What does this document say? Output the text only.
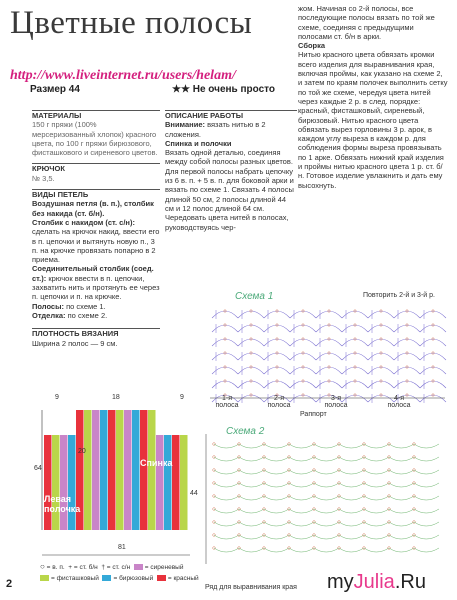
Цветные полосы
http://www.liveinternet.ru/users/helam/
Размер 44	★★ Не очень просто

МАТЕРИАЛЫ

150 г пряжи (100% мерсеризованный хлопок) красного цвета, по 100 г пряжи бирюзового, фисташкового и сиреневого цветов.

КРЮЧОК

№ 3,5.

ВИДЫ ПЕТЕЛЬ

Воздушная петля (в. п.), столбик без накида (ст. б/н).

Столбик с накидом (ст. с/н): сделать на крючок накид, ввести его в п. цепочки и вытянуть новую п., 3 п. на крючке провязать попарно в 2 приема.

Соединительный столбик (соед. ст.): крючок ввести в п. цепочки, захватить нить и протянуть ее через п. цепочки и п. на крючке.

Полосы: по схеме 1.

Отделка: по схеме 2.

ПЛОТНОСТЬ ВЯЗАНИЯ

Ширина 2 полос — 9 см.

ОПИСАНИЕ РАБОТЫ

Внимание: вязать нитью в 2 сложения.

Спинка и полочки

Вязать одной деталью, соединяя между собой полосы разных цветов. Для первой полосы набрать цепочку из 6 в. п. + 5 в. п. для боковой арки и вязать по схеме 1. Связать 4 полосы длиной 50 см, 2 полосы длиной 44 см и 12 полос длиной 64 см. Чередовать цвета нитей в полосах, руководствуясь чер-

жом. Начиная со 2-й полосы, все последующие полосы вязать по той же схеме, соединяя с предыдущими полосами ст. б/н в арки.

Сборка

Нитью красного цвета обвязать кромки всего изделия для выравнивания края, включая проймы, как указано на схеме 2, и затем по краям полочек выполнить сетку по той же схеме, чередуя цвета нитей через каждые 2 р. в след. порядке: красный, фисташковый, сиреневый, бирюзовый. Нитью красного цвета обвязать вырез горловины 3 р. арок, в каждом углу выреза в каждом р. для соблюдения формы выреза провязывать по 1 арке. Обвязать нижний край изделия и проймы нитью красного цвета 1 р. ст. б/н. Готовое изделие увлажнить и дать ему высохнуть.

Схема 1	Повторить 2-й и 3-й р.
1-я полоса
2-я полоса
3-я полоса
4-я полоса
Раппорт
Схема 2
Ряд для выравнивания края
9	18	9
64
20
44
81
Спинка
Левая полочка
○ = в. п. + = ст. б/н † = ст. с/н = сиреневый
= фисташковый = бирюзовый = красный
2	myJulia.Ru
